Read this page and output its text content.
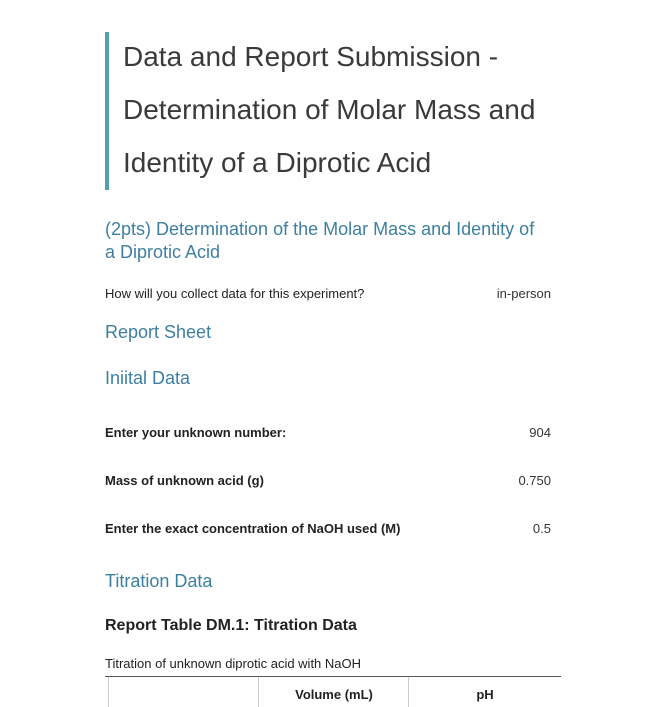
Data and Report Submission -
Determination of Molar Mass and
Identity of a Diprotic Acid
(2pts) Determination of the Molar Mass and Identity of
a Diprotic Acid
How will you collect data for this experiment?	in-person
Report Sheet
Iniital Data
Enter your unknown number:	904
Mass of unknown acid (g)	0.750
Enter the exact concentration of NaOH used (M)	0.5
Titration Data
Report Table DM.1: Titration Data
Titration of unknown diprotic acid with NaOH
Volume (mL)	pH
